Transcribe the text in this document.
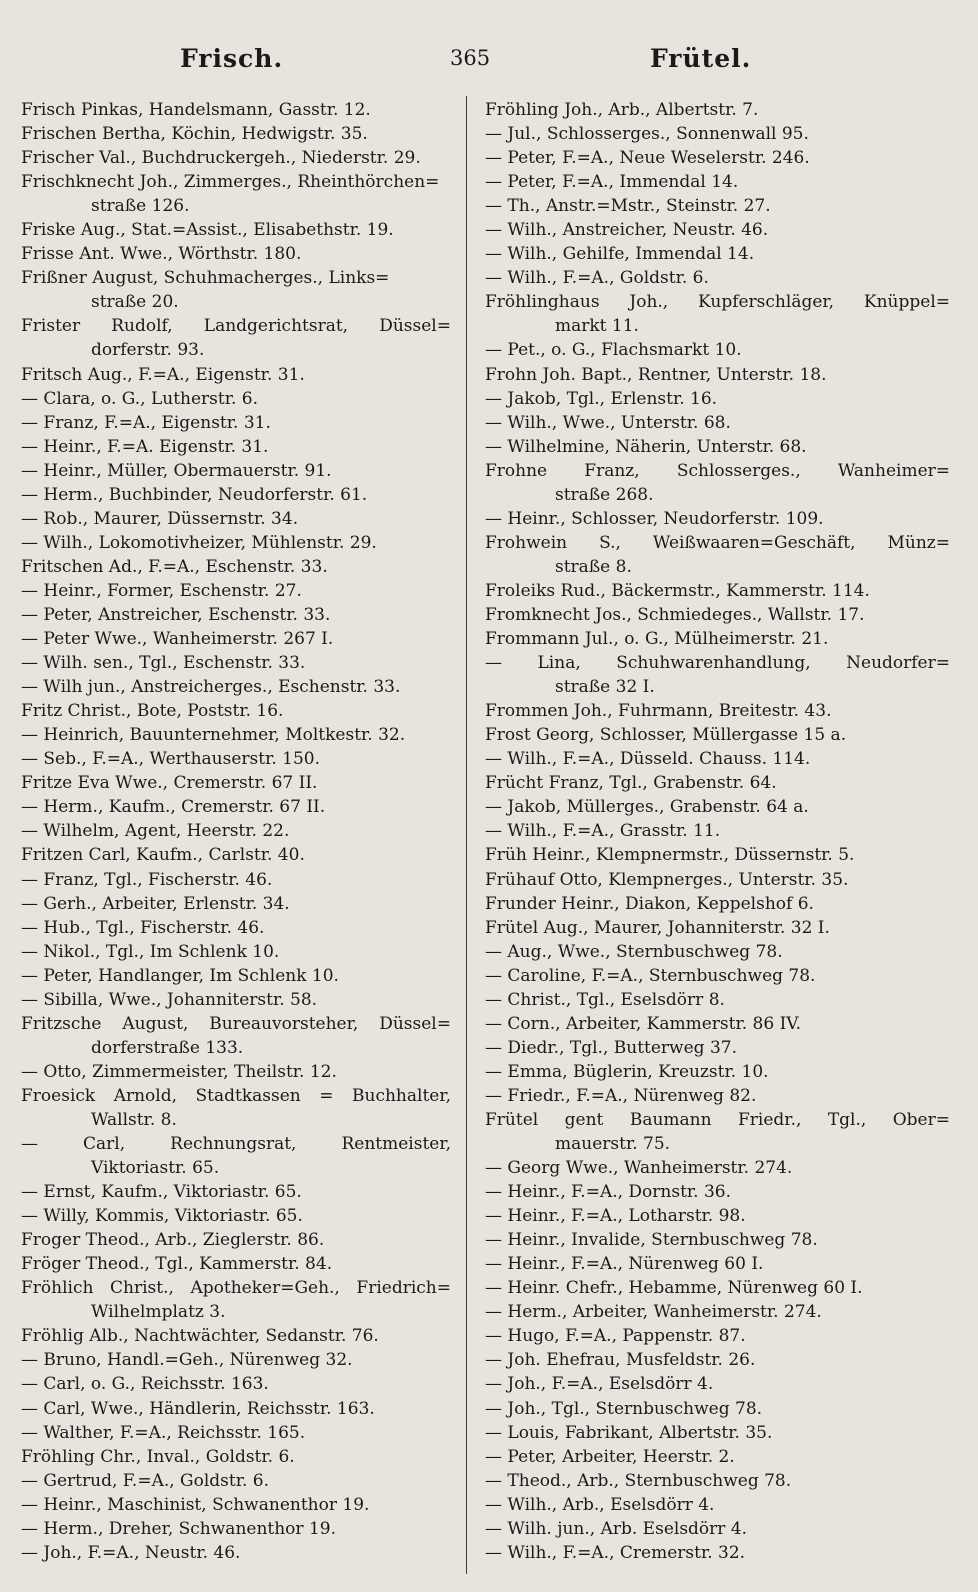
Frisch.	365	Frütel.
Frisch Pinkas, Handelsmann, Gasstr. 12.
Frischen Bertha, Köchin, Hedwigstr. 35.
Frischer Val., Buchdruckergeh., Niederstr. 29.
Frischknecht Joh., Zimmerges., Rheinthörchen=
straße 126.
Friske Aug., Stat.=Assist., Elisabethstr. 19.
Frisse Ant. Wwe., Wörthstr. 180.
Frißner August, Schuhmacherges., Links=
straße 20.
Frister Rudolf, Landgerichtsrat, Düssel=
dorferstr. 93.
Fritsch Aug., F.=A., Eigenstr. 31.
— Clara, o. G., Lutherstr. 6.
— Franz, F.=A., Eigenstr. 31.
— Heinr., F.=A. Eigenstr. 31.
— Heinr., Müller, Obermauerstr. 91.
— Herm., Buchbinder, Neudorferstr. 61.
— Rob., Maurer, Düssernstr. 34.
— Wilh., Lokomotivheizer, Mühlenstr. 29.
Fritschen Ad., F.=A., Eschenstr. 33.
— Heinr., Former, Eschenstr. 27.
— Peter, Anstreicher, Eschenstr. 33.
— Peter Wwe., Wanheimerstr. 267 I.
— Wilh. sen., Tgl., Eschenstr. 33.
— Wilh jun., Anstreicherges., Eschenstr. 33.
Fritz Christ., Bote, Poststr. 16.
— Heinrich, Bauunternehmer, Moltkestr. 32.
— Seb., F.=A., Werthauserstr. 150.
Fritze Eva Wwe., Cremerstr. 67 II.
— Herm., Kaufm., Cremerstr. 67 II.
— Wilhelm, Agent, Heerstr. 22.
Fritzen Carl, Kaufm., Carlstr. 40.
— Franz, Tgl., Fischerstr. 46.
— Gerh., Arbeiter, Erlenstr. 34.
— Hub., Tgl., Fischerstr. 46.
— Nikol., Tgl., Im Schlenk 10.
— Peter, Handlanger, Im Schlenk 10.
— Sibilla, Wwe., Johanniterstr. 58.
Fritzsche August, Bureauvorsteher, Düssel=
dorferstraße 133.
— Otto, Zimmermeister, Theilstr. 12.
Froesick Arnold, Stadtkassen = Buchhalter,
Wallstr. 8.
— Carl, Rechnungsrat, Rentmeister,
Viktoriastr. 65.
— Ernst, Kaufm., Viktoriastr. 65.
— Willy, Kommis, Viktoriastr. 65.
Froger Theod., Arb., Zieglerstr. 86.
Fröger Theod., Tgl., Kammerstr. 84.
Fröhlich Christ., Apotheker=Geh., Friedrich=
Wilhelmplatz 3.
Fröhlig Alb., Nachtwächter, Sedanstr. 76.
— Bruno, Handl.=Geh., Nürenweg 32.
— Carl, o. G., Reichsstr. 163.
— Carl, Wwe., Händlerin, Reichsstr. 163.
— Walther, F.=A., Reichsstr. 165.
Fröhling Chr., Inval., Goldstr. 6.
— Gertrud, F.=A., Goldstr. 6.
— Heinr., Maschinist, Schwanenthor 19.
— Herm., Dreher, Schwanenthor 19.
— Joh., F.=A., Neustr. 46.
Fröhling Joh., Arb., Albertstr. 7.
— Jul., Schlosserges., Sonnenwall 95.
— Peter, F.=A., Neue Weselerstr. 246.
— Peter, F.=A., Immendal 14.
— Th., Anstr.=Mstr., Steinstr. 27.
— Wilh., Anstreicher, Neustr. 46.
— Wilh., Gehilfe, Immendal 14.
— Wilh., F.=A., Goldstr. 6.
Fröhlinghaus Joh., Kupferschläger, Knüppel=
markt 11.
— Pet., o. G., Flachsmarkt 10.
Frohn Joh. Bapt., Rentner, Unterstr. 18.
— Jakob, Tgl., Erlenstr. 16.
— Wilh., Wwe., Unterstr. 68.
— Wilhelmine, Näherin, Unterstr. 68.
Frohne Franz, Schlosserges., Wanheimer=
straße 268.
— Heinr., Schlosser, Neudorferstr. 109.
Frohwein S., Weißwaaren=Geschäft, Münz=
straße 8.
Froleiks Rud., Bäckermstr., Kammerstr. 114.
Fromknecht Jos., Schmiedeges., Wallstr. 17.
Frommann Jul., o. G., Mülheimerstr. 21.
— Lina, Schuhwarenhandlung, Neudorfer=
straße 32 I.
Frommen Joh., Fuhrmann, Breitestr. 43.
Frost Georg, Schlosser, Müllergasse 15 a.
— Wilh., F.=A., Düsseld. Chauss. 114.
Frücht Franz, Tgl., Grabenstr. 64.
— Jakob, Müllerges., Grabenstr. 64 a.
— Wilh., F.=A., Grasstr. 11.
Früh Heinr., Klempnermstr., Düssernstr. 5.
Frühauf Otto, Klempnerges., Unterstr. 35.
Frunder Heinr., Diakon, Keppelshof 6.
Frütel Aug., Maurer, Johanniterstr. 32 I.
— Aug., Wwe., Sternbuschweg 78.
— Caroline, F.=A., Sternbuschweg 78.
— Christ., Tgl., Eselsdörr 8.
— Corn., Arbeiter, Kammerstr. 86 IV.
— Diedr., Tgl., Butterweg 37.
— Emma, Büglerin, Kreuzstr. 10.
— Friedr., F.=A., Nürenweg 82.
Frütel gent Baumann Friedr., Tgl., Ober=
mauerstr. 75.
— Georg Wwe., Wanheimerstr. 274.
— Heinr., F.=A., Dornstr. 36.
— Heinr., F.=A., Lotharstr. 98.
— Heinr., Invalide, Sternbuschweg 78.
— Heinr., F.=A., Nürenweg 60 I.
— Heinr. Chefr., Hebamme, Nürenweg 60 I.
— Herm., Arbeiter, Wanheimerstr. 274.
— Hugo, F.=A., Pappenstr. 87.
— Joh. Ehefrau, Musfeldstr. 26.
— Joh., F.=A., Eselsdörr 4.
— Joh., Tgl., Sternbuschweg 78.
— Louis, Fabrikant, Albertstr. 35.
— Peter, Arbeiter, Heerstr. 2.
— Theod., Arb., Sternbuschweg 78.
— Wilh., Arb., Eselsdörr 4.
— Wilh. jun., Arb. Eselsdörr 4.
— Wilh., F.=A., Cremerstr. 32.
